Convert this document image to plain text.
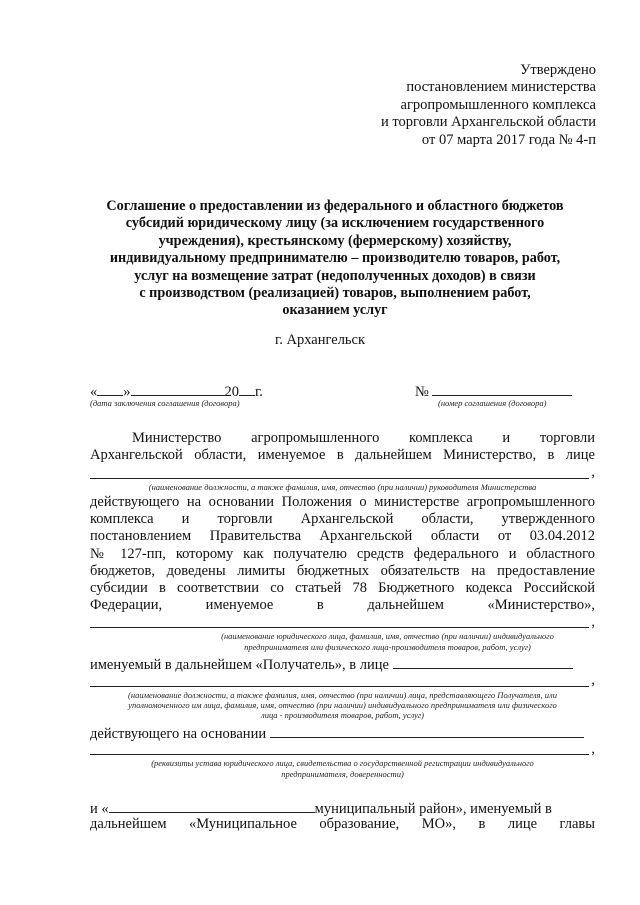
Утверждено
постановлением министерства
агропромышленного комплекса
и торговли Архангельской области
от 07 марта 2017 года № 4-п
Соглашение о предоставлении из федерального и областного бюджетов
субсидий юридическому лицу (за исключением государственного
учреждения), крестьянскому (фермерскому) хозяйству,
индивидуальному предпринимателю – производителю товаров, работ,
услуг на возмещение затрат (недополученных доходов) в связи
с производством (реализацией) товаров, выполнением работ,
оказанием услуг
г. Архангельск
« »	20 г.
(дата заключения соглашения (договора)
№
(номер соглашения (договора)
Министерство агропромышленного комплекса и торговли
Архангельской области, именуемое в дальнейшем Министерство, в лице
,
(наименование должности, а также фамилия, имя, отчество (при наличии) руководителя Министерства
действующего на основании Положения о министерстве агропромышленного
комплекса и торговли Архангельской области, утвержденного
постановлением Правительства Архангельской области от 03.04.2012
№ 127-пп, которому как получателю средств федерального и областного
бюджетов, доведены лимиты бюджетных обязательств на предоставление
субсидии в соответствии со статьей 78 Бюджетного кодекса Российской
Федерации, именуемое в дальнейшем «Министерство»,
,
(наименование юридического лица, фамилия, имя, отчество (при наличии) индивидуального
предпринимателя или физического лица-производителя товаров, работ, услуг)
именуемый в дальнейшем «Получатель», в лице
,
(наименование должности, а также фамилия, имя, отчество (при наличии) лица, представляющего Получателя, или
уполномоченного им лица, фамилия, имя, отчество (при наличии) индивидуального предпринимателя или физического
лица - производителя товаров, работ, услуг)
действующего на основании
,
(реквизиты устава юридического лица, свидетельства о государственной регистрации индивидуального
предпринимателя, доверенности)
и «	муниципальный район», именуемый в
дальнейшем «Муниципальное образование, МО», в лице главы
